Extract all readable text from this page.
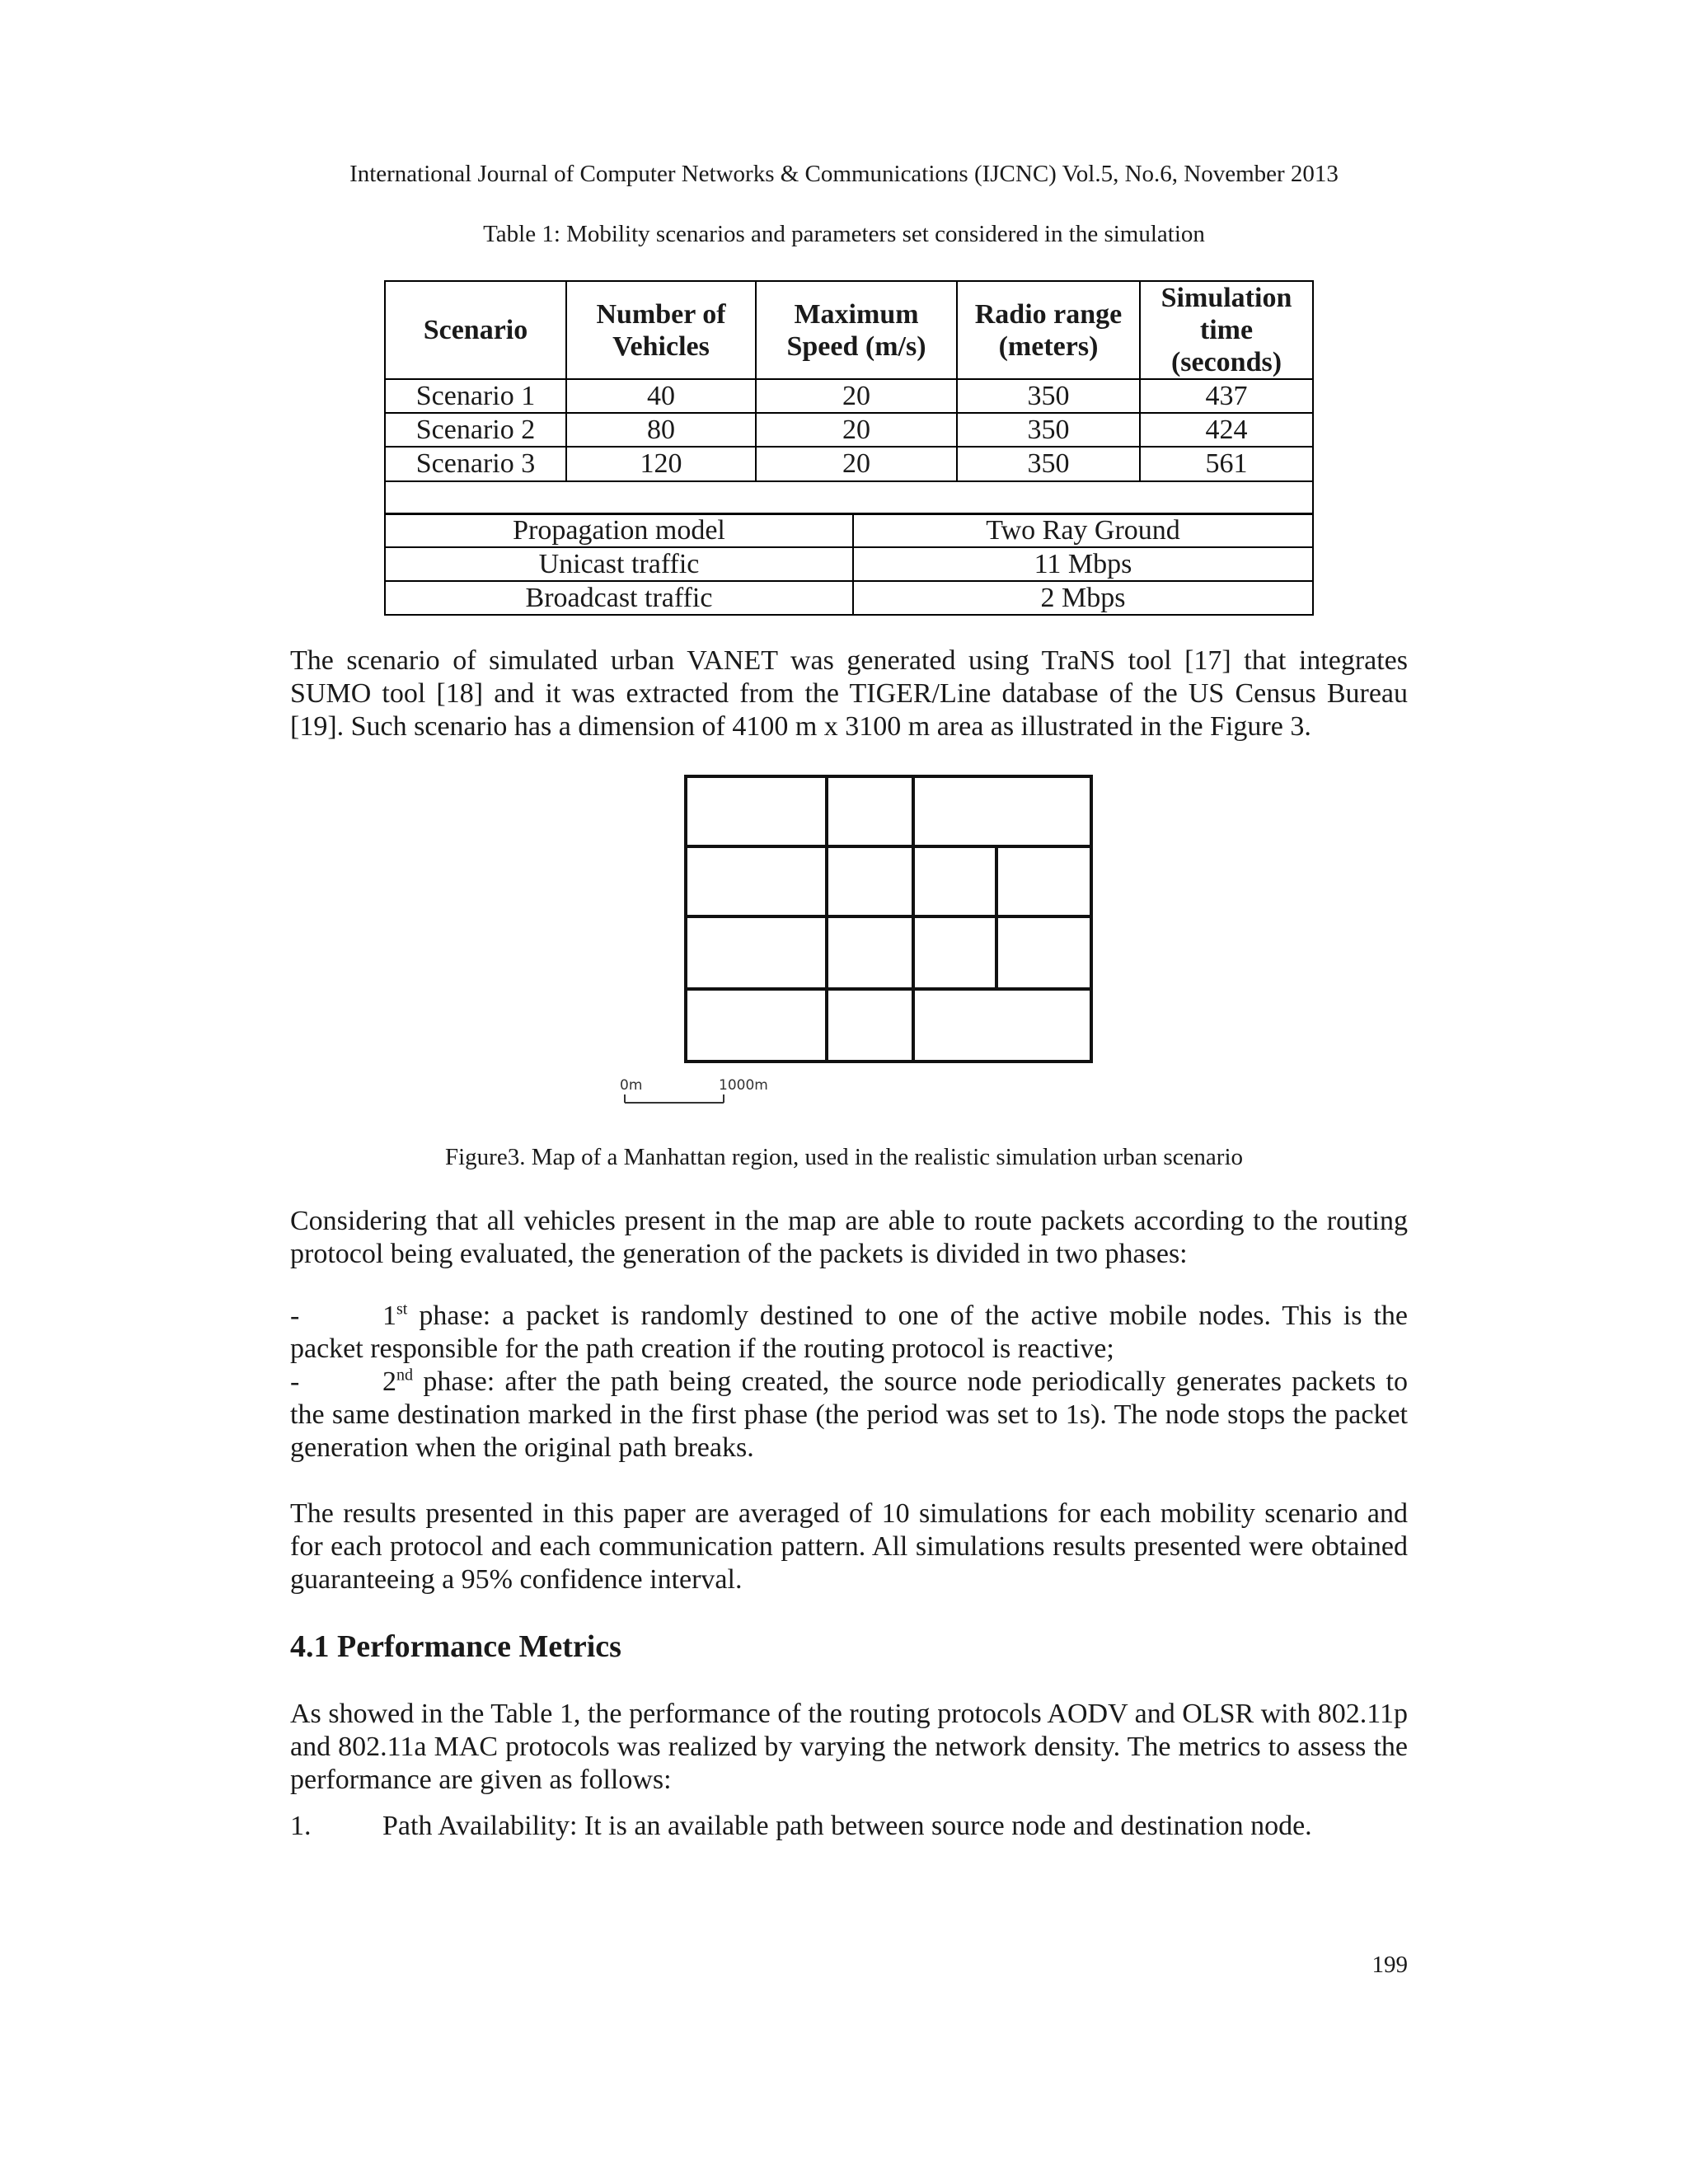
International Journal of Computer Networks & Communications (IJCNC) Vol.5, No.6, November 2013
Table 1: Mobility scenarios and parameters set considered in the simulation
Scenario	Number of Vehicles	Maximum Speed (m/s)	Radio range (meters)	Simulation time (seconds)
Scenario 1	40	20	350	437
Scenario 2	80	20	350	424
Scenario 3	120	20	350	561

Propagation model	Two Ray Ground
Unicast traffic	11 Mbps
Broadcast traffic	2 Mbps
The scenario of simulated urban VANET was generated using TraNS tool [17] that integrates SUMO tool [18] and it was extracted from the TIGER/Line database of the US Census Bureau [19]. Such scenario has a dimension of 4100 m x 3100 m area as illustrated in the Figure 3.
0m	1000m
Figure3. Map of a Manhattan region, used in the realistic simulation urban scenario
Considering that all vehicles present in the map are able to route packets according to the routing protocol being evaluated, the generation of the packets is divided in two phases:
-	1st phase: a packet is randomly destined to one of the active mobile nodes. This is the packet responsible for the path creation if the routing protocol is reactive;
-	2nd phase: after the path being created, the source node periodically generates packets to the same destination marked in the first phase (the period was set to 1s). The node stops the packet generation when the original path breaks.
The results presented in this paper are averaged of 10 simulations for each mobility scenario and for each protocol and each communication pattern. All simulations results presented were obtained guaranteeing a 95% confidence interval.
4.1 Performance Metrics
As showed in the Table 1, the performance of the routing protocols AODV and OLSR with 802.11p and 802.11a MAC protocols was realized by varying the network density. The metrics to assess the performance are given as follows:
1.	Path Availability: It is an available path between source node and destination node.
199
